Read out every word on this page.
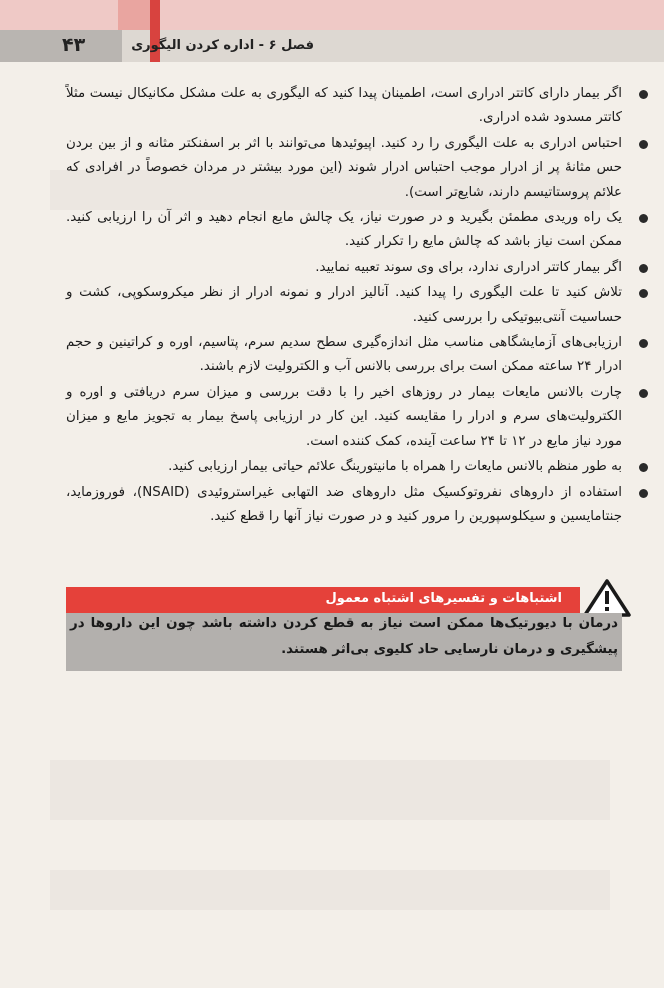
۴۳	فصل ۶ - اداره کردن الیگوری
اگر بیمار دارای کاتتر ادراری است، اطمینان پیدا کنید که الیگوری به علت مشکل مکانیکال نیست مثلاً کاتتر مسدود شده ادراری.
احتباس ادراری به علت الیگوری را رد کنید. اپیوئیدها می‌توانند با اثر بر اسفنکتر مثانه و از بین بردن حس مثانهٔ پر از ادرار موجب احتباس ادرار شوند (این مورد بیشتر در مردان خصوصاً در افرادی که علائم پروستاتیسم دارند، شایع‌تر است).
یک راه وریدی مطمئن بگیرید و در صورت نیاز، یک چالش مایع انجام دهید و اثر آن را ارزیابی کنید. ممکن است نیاز باشد که چالش مایع را تکرار کنید.
اگر بیمار کاتتر ادراری ندارد، برای وی سوند تعبیه نمایید.
تلاش کنید تا علت الیگوری را پیدا کنید. آنالیز ادرار و نمونه ادرار از نظر میکروسکوپی، کشت و حساسیت آنتی‌بیوتیکی را بررسی کنید.
ارزیابی‌های آزمایشگاهی مناسب مثل اندازه‌گیری سطح سدیم سرم، پتاسیم، اوره و کراتینین و حجم ادرار ۲۴ ساعته ممکن است برای بررسی بالانس آب و الکترولیت لازم باشند.
چارت بالانس مایعات بیمار در روزهای اخیر را با دقت بررسی و میزان سرم دریافتی و اوره و الکترولیت‌های سرم و ادرار را مقایسه کنید. این کار در ارزیابی پاسخ بیمار به تجویز مایع و میزان مورد نیاز مایع در ۱۲ تا ۲۴ ساعت آینده، کمک کننده است.
به طور منظم بالانس مایعات را همراه با مانیتورینگ علائم حیاتی بیمار ارزیابی کنید.
استفاده از داروهای نفروتوکسیک مثل داروهای ضد التهابی غیراستروئیدی (NSAID)، فوروزماید، جنتامایسین و سیکلوسپورین را مرور کنید و در صورت نیاز آنها را قطع کنید.
اشتباهات و تفسیرهای اشتباه معمول
درمان با دیورتیک‌ها ممکن است نیاز به قطع کردن داشته باشد چون این داروها در پیشگیری و درمان نارسایی حاد کلیوی بی‌اثر هستند.
